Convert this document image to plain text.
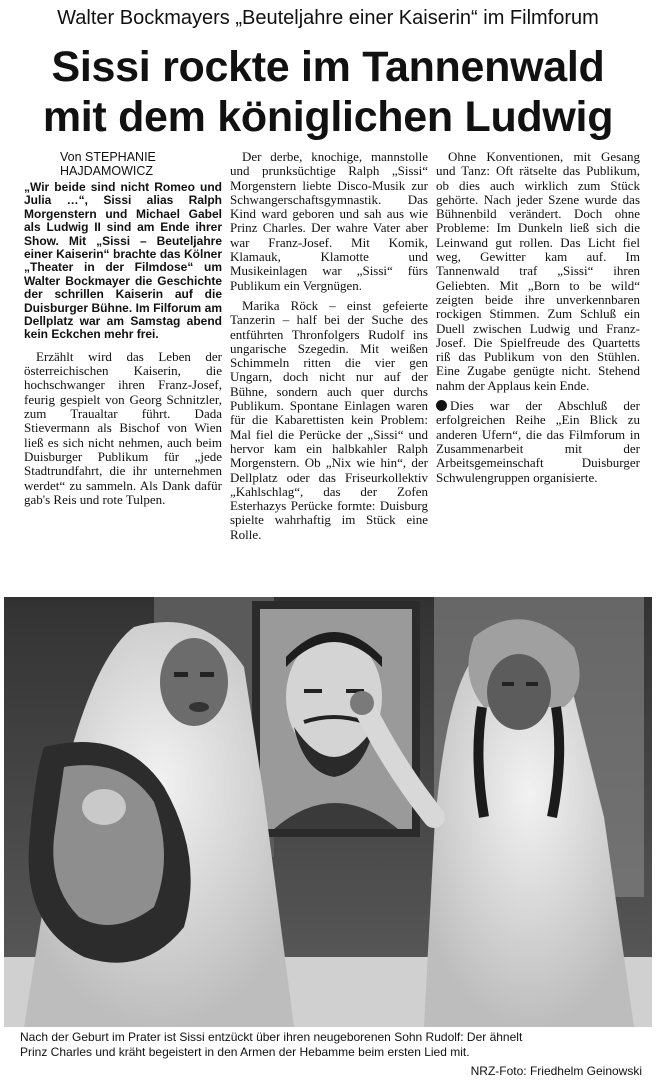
Walter Bockmayers „Beuteljahre einer Kaiserin“ im Filmforum
Sissi rockte im Tannenwald
mit dem königlichen Ludwig
Von STEPHANIE HAJDAMOWICZ
„Wir beide sind nicht Romeo und Julia …“, Sissi alias Ralph Morgenstern und Michael Gabel als Ludwig II sind am Ende ihrer Show. Mit „Sissi – Beuteljahre einer Kaiserin“ brachte das Kölner „Theater in der Filmdose“ um Walter Bockmayer die Geschichte der schrillen Kaiserin auf die Duisburger Bühne. Im Filforum am Dellplatz war am Samstag abend kein Eckchen mehr frei.

Erzählt wird das Leben der österreichischen Kaiserin, die hochschwanger ihren Franz-Josef, feurig gespielt von Georg Schnitzler, zum Traualtar führt. Dada Stievermann als Bischof von Wien ließ es sich nicht nehmen, auch beim Duisburger Publikum für „jede Stadtrundfahrt, die ihr unternehmen werdet“ zu sammeln. Als Dank dafür gab's Reis und rote Tulpen.

Der derbe, knochige, mannstolle und prunksüchtige Ralph „Sissi“ Morgenstern liebte Disco-Musik zur Schwangerschaftsgymnastik. Das Kind ward geboren und sah aus wie Prinz Charles. Der wahre Vater aber war Franz-Josef. Mit Komik, Klamauk, Klamotte und Musikeinlagen war „Sissi“ fürs Publikum ein Vergnügen.

Marika Röck – einst gefeierte Tanzerin – half bei der Suche des entführten Thronfolgers Rudolf ins ungarische Szegedin. Mit weißen Schimmeln ritten die vier gen Ungarn, doch nicht nur auf der Bühne, sondern auch quer durchs Publikum. Spontane Einlagen waren für die Kabarettisten kein Problem: Mal fiel die Perücke der „Sissi“ und hervor kam ein halbkahler Ralph Morgenstern. Ob „Nix wie hin“, der Dellplatz oder das Friseurkollektiv „Kahlschlag“, das der Zofen Esterhazys Perücke formte: Duisburg spielte wahrhaftig im Stück eine Rolle.

Ohne Konventionen, mit Gesang und Tanz: Oft rätselte das Publikum, ob dies auch wirklich zum Stück gehörte. Nach jeder Szene wurde das Bühnenbild verändert. Doch ohne Probleme: Im Dunkeln ließ sich die Leinwand gut rollen. Das Licht fiel weg, Gewitter kam auf. Im Tannenwald traf „Sissi“ ihren Geliebten. Mit „Born to be wild“ zeigten beide ihre unverkennbaren rockigen Stimmen. Zum Schluß ein Duell zwischen Ludwig und Franz-Josef. Die Spielfreude des Quartetts riß das Publikum von den Stühlen. Eine Zugabe genügte nicht. Stehend nahm der Applaus kein Ende.

Dies war der Abschluß der erfolgreichen Reihe „Ein Blick zu anderen Ufern“, die das Filmforum in Zusammenarbeit mit der Arbeitsgemeinschaft Duisburger Schwulengruppen organisierte.

Nach der Geburt im Prater ist Sissi entzückt über ihren neugeborenen Sohn Rudolf: Der ähnelt
Prinz Charles und kräht begeistert in den Armen der Hebamme beim ersten Lied mit.
NRZ-Foto: Friedhelm Geinowski
